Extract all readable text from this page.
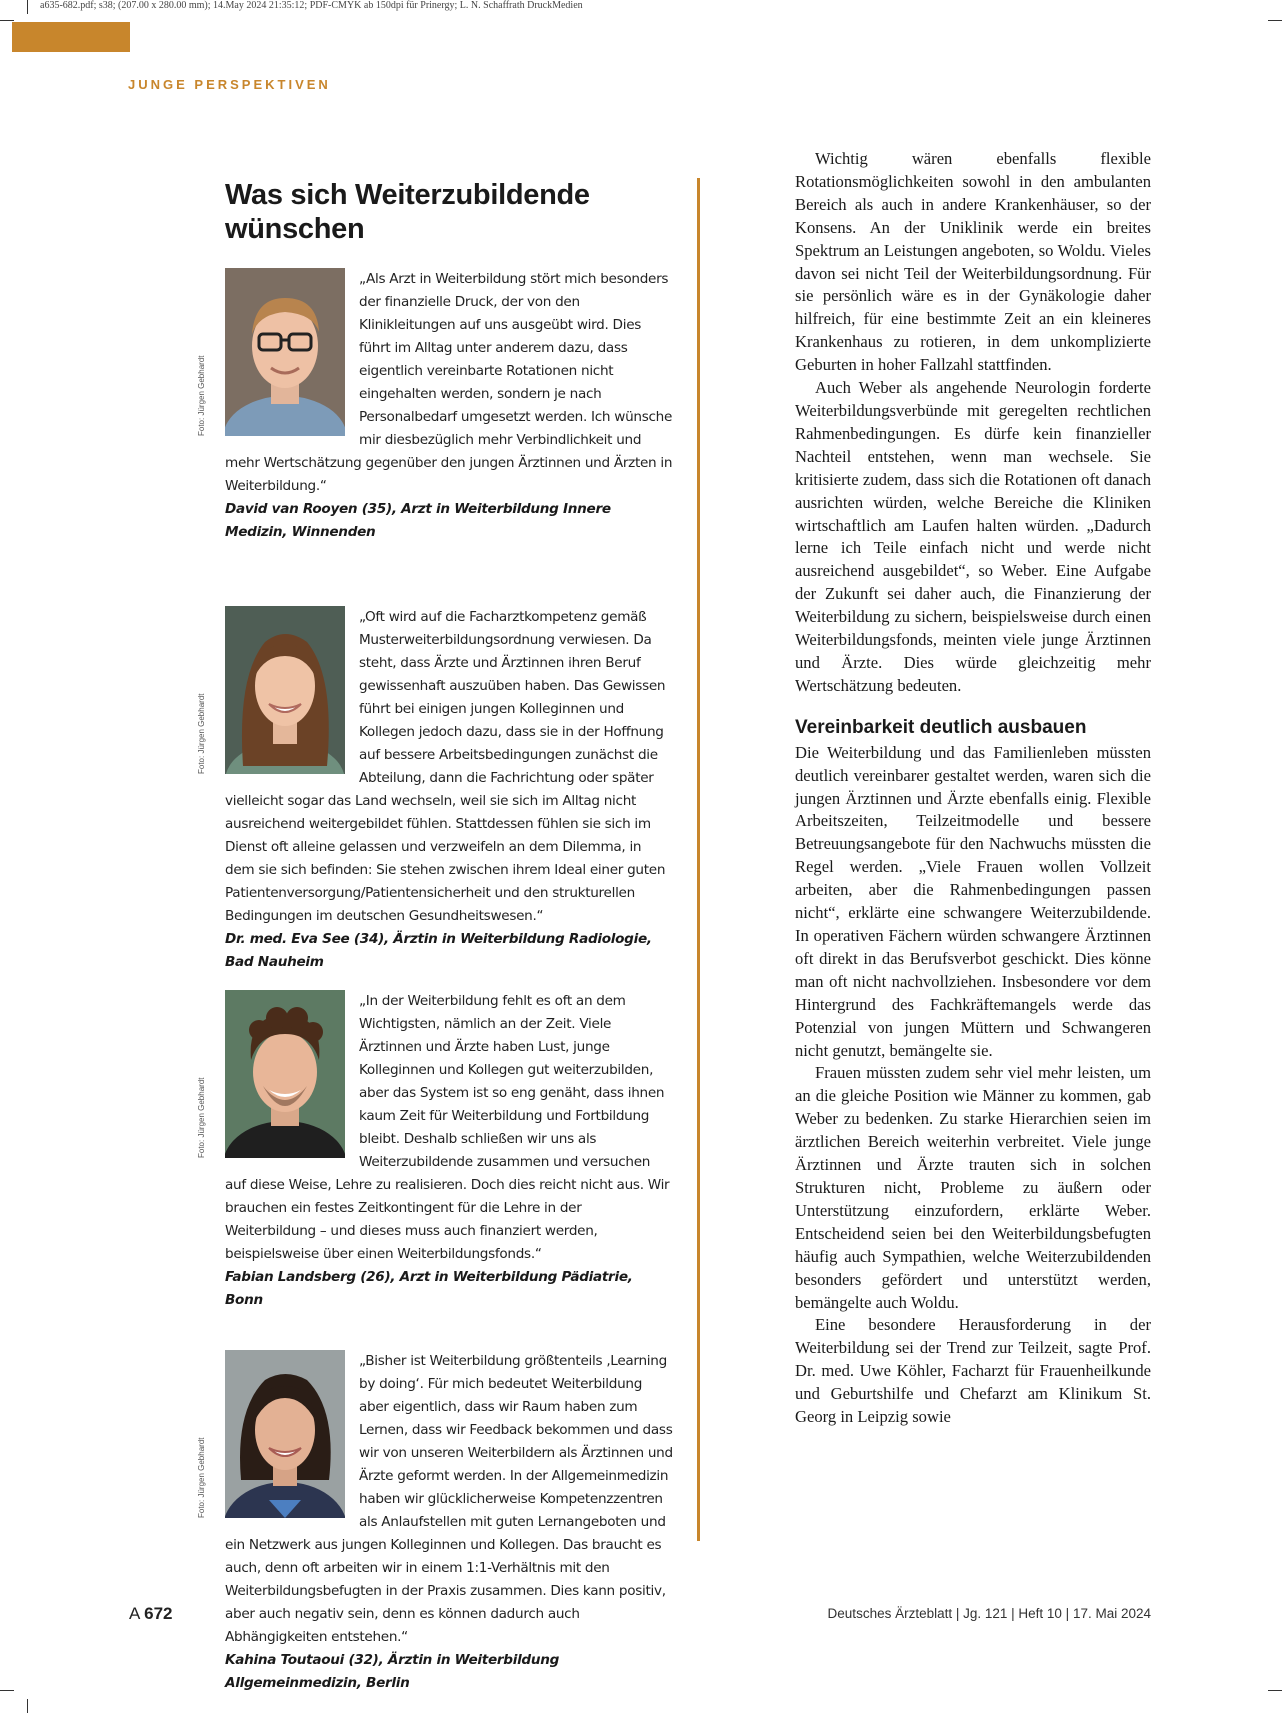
a635-682.pdf; s38; (207.00 x 280.00 mm); 14.May 2024 21:35:12; PDF-CMYK ab 150dpi für Prinergy; L. N. Schaffrath DruckMedien
JUNGE PERSPEKTIVEN
Was sich Weiterzubildende wünschen
Foto: Jürgen Gebhardt

„Als Arzt in Weiterbildung stört mich besonders der finanzielle Druck, der von den Klinikleitungen auf uns ausgeübt wird. Dies führt im Alltag unter anderem dazu, dass eigentlich vereinbarte Rotationen nicht eingehalten werden, sondern je nach Personalbedarf umgesetzt werden. Ich wünsche mir diesbezüglich mehr Verbindlichkeit und mehr Wertschätzung gegenüber den jungen Ärztinnen und Ärzten in Weiterbildung.“

David van Rooyen (35), Arzt in Weiterbildung Innere Medizin, Winnenden

Foto: Jürgen Gebhardt

„Oft wird auf die Facharztkompetenz gemäß Musterweiterbildungsordnung verwiesen. Da steht, dass Ärzte und Ärztinnen ihren Beruf gewissenhaft auszuüben haben. Das Gewissen führt bei einigen jungen Kolleginnen und Kollegen jedoch dazu, dass sie in der Hoffnung auf bessere Arbeitsbedingungen zunächst die Abteilung, dann die Fachrichtung oder später vielleicht sogar das Land wechseln, weil sie sich im Alltag nicht ausreichend weitergebildet fühlen. Stattdessen fühlen sie sich im Dienst oft alleine gelassen und verzweifeln an dem Dilemma, in dem sie sich befinden: Sie stehen zwischen ihrem Ideal einer guten Patientenversorgung/Patientensicherheit und den strukturellen Bedingungen im deutschen Gesundheitswesen.“

Dr. med. Eva See (34), Ärztin in Weiterbildung Radiologie, Bad Nauheim

Foto: Jürgen Gebhardt

„In der Weiterbildung fehlt es oft an dem Wichtigsten, nämlich an der Zeit. Viele Ärztinnen und Ärzte haben Lust, junge Kolleginnen und Kollegen gut weiterzubilden, aber das System ist so eng genäht, dass ihnen kaum Zeit für Weiterbildung und Fortbildung bleibt. Deshalb schließen wir uns als Weiterzubildende zusammen und versuchen auf diese Weise, Lehre zu realisieren. Doch dies reicht nicht aus. Wir brauchen ein festes Zeitkontingent für die Lehre in der Weiterbildung – und dieses muss auch finanziert werden, beispielsweise über einen Weiterbildungsfonds.“

Fabian Landsberg (26), Arzt in Weiterbildung Pädiatrie, Bonn

Foto: Jürgen Gebhardt

„Bisher ist Weiterbildung größtenteils ‚Learning by doing‘. Für mich bedeutet Weiterbildung aber eigentlich, dass wir Raum haben zum Lernen, dass wir Feedback bekommen und dass wir von unseren Weiterbildern als Ärztinnen und Ärzte geformt werden. In der Allgemeinmedizin haben wir glücklicherweise Kompetenzzentren als Anlaufstellen mit guten Lernangeboten und ein Netzwerk aus jungen Kolleginnen und Kollegen. Das braucht es auch, denn oft arbeiten wir in einem 1:1-Verhältnis mit den Weiterbildungsbefugten in der Praxis zusammen. Dies kann positiv, aber auch negativ sein, denn es können dadurch auch Abhängigkeiten entstehen.“

Kahina Toutaoui (32), Ärztin in Weiterbildung Allgemeinmedizin, Berlin

Wichtig wären ebenfalls flexible Rotationsmöglichkeiten sowohl in den ambulanten Bereich als auch in andere Krankenhäuser, so der Konsens. An der Uniklinik werde ein breites Spektrum an Leistungen angeboten, so Woldu. Vieles davon sei nicht Teil der Weiterbildungsordnung. Für sie persönlich wäre es in der Gynäkologie daher hilfreich, für eine bestimmte Zeit an ein kleineres Krankenhaus zu rotieren, in dem unkomplizierte Geburten in hoher Fallzahl stattfinden.

Auch Weber als angehende Neurologin forderte Weiterbildungsverbünde mit geregelten rechtlichen Rahmenbedingungen. Es dürfe kein finanzieller Nachteil entstehen, wenn man wechsele. Sie kritisierte zudem, dass sich die Rotationen oft danach ausrichten würden, welche Bereiche die Kliniken wirtschaftlich am Laufen halten würden. „Dadurch lerne ich Teile einfach nicht und werde nicht ausreichend ausgebildet“, so Weber. Eine Aufgabe der Zukunft sei daher auch, die Finanzierung der Weiterbildung zu sichern, beispielsweise durch einen Weiterbildungsfonds, meinten viele junge Ärztinnen und Ärzte. Dies würde gleichzeitig mehr Wertschätzung bedeuten.

Vereinbarkeit deutlich ausbauen

Die Weiterbildung und das Familienleben müssten deutlich vereinbarer gestaltet werden, waren sich die jungen Ärztinnen und Ärzte ebenfalls einig. Flexible Arbeitszeiten, Teilzeitmodelle und bessere Betreuungsangebote für den Nachwuchs müssten die Regel werden. „Viele Frauen wollen Vollzeit arbeiten, aber die Rahmenbedingungen passen nicht“, erklärte eine schwangere Weiterzubildende. In operativen Fächern würden schwangere Ärztinnen oft direkt in das Berufsverbot geschickt. Dies könne man oft nicht nachvollziehen. Insbesondere vor dem Hintergrund des Fachkräftemangels werde das Potenzial von jungen Müttern und Schwangeren nicht genutzt, bemängelte sie.

Frauen müssten zudem sehr viel mehr leisten, um an die gleiche Position wie Männer zu kommen, gab Weber zu bedenken. Zu starke Hierarchien seien im ärztlichen Bereich weiterhin verbreitet. Viele junge Ärztinnen und Ärzte trauten sich in solchen Strukturen nicht, Probleme zu äußern oder Unterstützung einzufordern, erklärte Weber. Entscheidend seien bei den Weiterbildungsbefugten häufig auch Sympathien, welche Weiterzubildenden besonders gefördert und unterstützt werden, bemängelte auch Woldu.

Eine besondere Herausforderung in der Weiterbildung sei der Trend zur Teilzeit, sagte Prof. Dr. med. Uwe Köhler, Facharzt für Frauenheilkunde und Geburtshilfe und Chefarzt am Klinikum St. Georg in Leipzig sowie

A 672	Deutsches Ärzteblatt | Jg. 121 | Heft 10 | 17. Mai 2024
